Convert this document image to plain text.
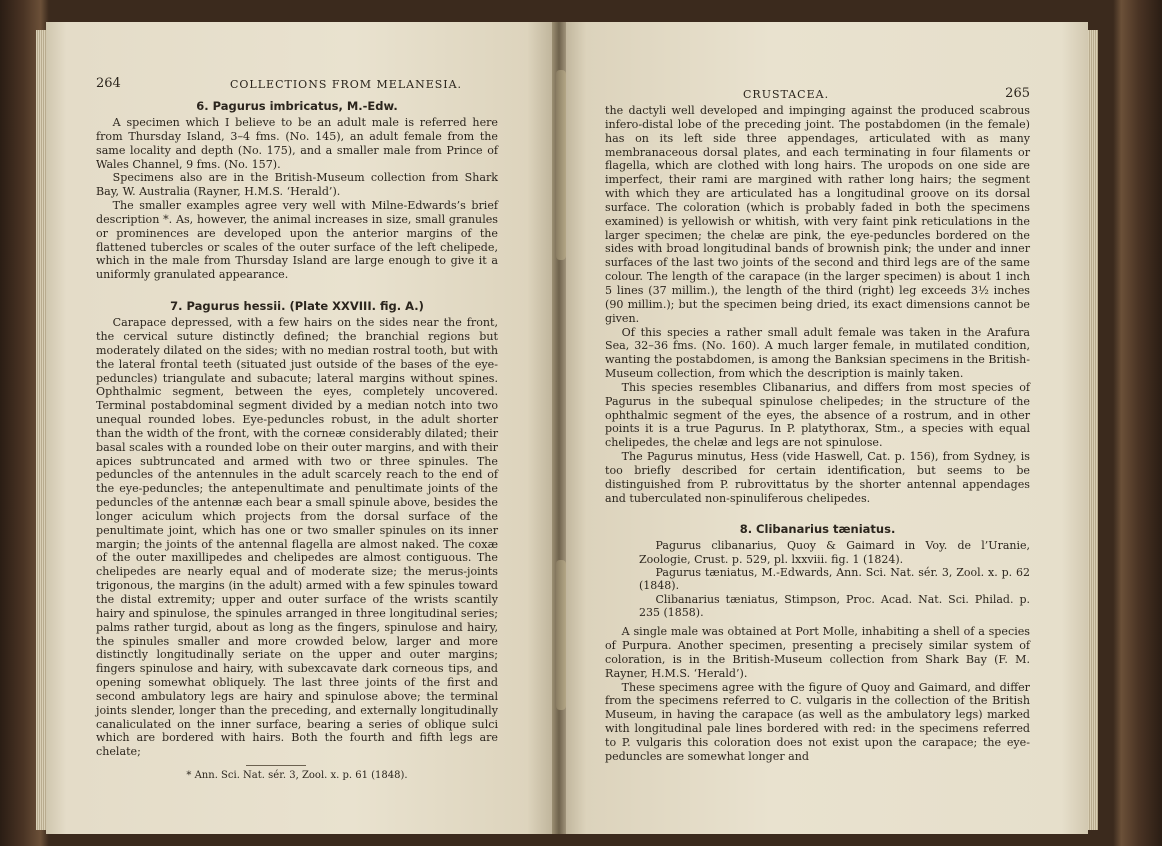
264	COLLECTIONS FROM MELANESIA.
6. Pagurus imbricatus, M.-Edw.

A specimen which I believe to be an adult male is referred here from Thursday Island, 3–4 fms. (No. 145), an adult female from the same locality and depth (No. 175), and a smaller male from Prince of Wales Channel, 9 fms. (No. 157).

Specimens also are in the British-Museum collection from Shark Bay, W. Australia (Rayner, H.M.S. ‘Herald’).

The smaller examples agree very well with Milne-Edwards’s brief description *. As, however, the animal increases in size, small granules or prominences are developed upon the anterior margins of the flattened tubercles or scales of the outer surface of the left chelipede, which in the male from Thursday Island are large enough to give it a uniformly granulated appearance.

7. Pagurus hessii. (Plate XXVIII. fig. A.)

Carapace depressed, with a few hairs on the sides near the front, the cervical suture distinctly defined; the branchial regions but moderately dilated on the sides; with no median rostral tooth, but with the lateral frontal teeth (situated just outside of the bases of the eye-peduncles) triangulate and subacute; lateral margins without spines. Ophthalmic segment, between the eyes, completely uncovered. Terminal postabdominal segment divided by a median notch into two unequal rounded lobes. Eye-peduncles robust, in the adult shorter than the width of the front, with the corneæ considerably dilated; their basal scales with a rounded lobe on their outer margins, and with their apices subtruncated and armed with two or three spinules. The peduncles of the antennules in the adult scarcely reach to the end of the eye-peduncles; the antepenultimate and penultimate joints of the peduncles of the antennæ each bear a small spinule above, besides the longer aciculum which projects from the dorsal surface of the penultimate joint, which has one or two smaller spinules on its inner margin; the joints of the antennal flagella are almost naked. The coxæ of the outer maxillipedes and chelipedes are almost contiguous. The chelipedes are nearly equal and of moderate size; the merus-joints trigonous, the margins (in the adult) armed with a few spinules toward the distal extremity; upper and outer surface of the wrists scantily hairy and spinulose, the spinules arranged in three longitudinal series; palms rather turgid, about as long as the fingers, spinulose and hairy, the spinules smaller and more crowded below, larger and more distinctly longitudinally seriate on the upper and outer margins; fingers spinulose and hairy, with subexcavate dark corneous tips, and opening somewhat obliquely. The last three joints of the first and second ambulatory legs are hairy and spinulose above; the terminal joints slender, longer than the preceding, and externally longitudinally canaliculated on the inner surface, bearing a series of oblique sulci which are bordered with hairs. Both the fourth and fifth legs are chelate;

* Ann. Sci. Nat. sér. 3, Zool. x. p. 61 (1848).
CRUSTACEA.	265

the dactyli well developed and impinging against the produced scabrous infero-distal lobe of the preceding joint. The postabdomen (in the female) has on its left side three appendages, articulated with as many membranaceous dorsal plates, and each terminating in four filaments or flagella, which are clothed with long hairs. The uropods on one side are imperfect, their rami are margined with rather long hairs; the segment with which they are articulated has a longitudinal groove on its dorsal surface. The coloration (which is probably faded in both the specimens examined) is yellowish or whitish, with very faint pink reticulations in the larger specimen; the chelæ are pink, the eye-peduncles bordered on the sides with broad longitudinal bands of brownish pink; the under and inner surfaces of the last two joints of the second and third legs are of the same colour. The length of the carapace (in the larger specimen) is about 1 inch 5 lines (37 millim.), the length of the third (right) leg exceeds 3½ inches (90 millim.); but the specimen being dried, its exact dimensions cannot be given.

Of this species a rather small adult female was taken in the Arafura Sea, 32–36 fms. (No. 160). A much larger female, in mutilated condition, wanting the postabdomen, is among the Banksian specimens in the British-Museum collection, from which the description is mainly taken.

This species resembles Clibanarius, and differs from most species of Pagurus in the subequal spinulose chelipedes; in the structure of the ophthalmic segment of the eyes, the absence of a rostrum, and in other points it is a true Pagurus. In P. platythorax, Stm., a species with equal chelipedes, the chelæ and legs are not spinulose.

The Pagurus minutus, Hess (vide Haswell, Cat. p. 156), from Sydney, is too briefly described for certain identification, but seems to be distinguished from P. rubrovittatus by the shorter antennal appendages and tuberculated non-spinuliferous chelipedes.

8. Clibanarius tæniatus.

Pagurus clibanarius, Quoy & Gaimard in Voy. de l’Uranie, Zoologie, Crust. p. 529, pl. lxxviii. fig. 1 (1824).

Pagurus tæniatus, M.-Edwards, Ann. Sci. Nat. sér. 3, Zool. x. p. 62 (1848).

Clibanarius tæniatus, Stimpson, Proc. Acad. Nat. Sci. Philad. p. 235 (1858).

A single male was obtained at Port Molle, inhabiting a shell of a species of Purpura. Another specimen, presenting a precisely similar system of coloration, is in the British-Museum collection from Shark Bay (F. M. Rayner, H.M.S. ‘Herald’).

These specimens agree with the figure of Quoy and Gaimard, and differ from the specimens referred to C. vulgaris in the collection of the British Museum, in having the carapace (as well as the ambulatory legs) marked with longitudinal pale lines bordered with red: in the specimens referred to P. vulgaris this coloration does not exist upon the carapace; the eye-peduncles are somewhat longer and
